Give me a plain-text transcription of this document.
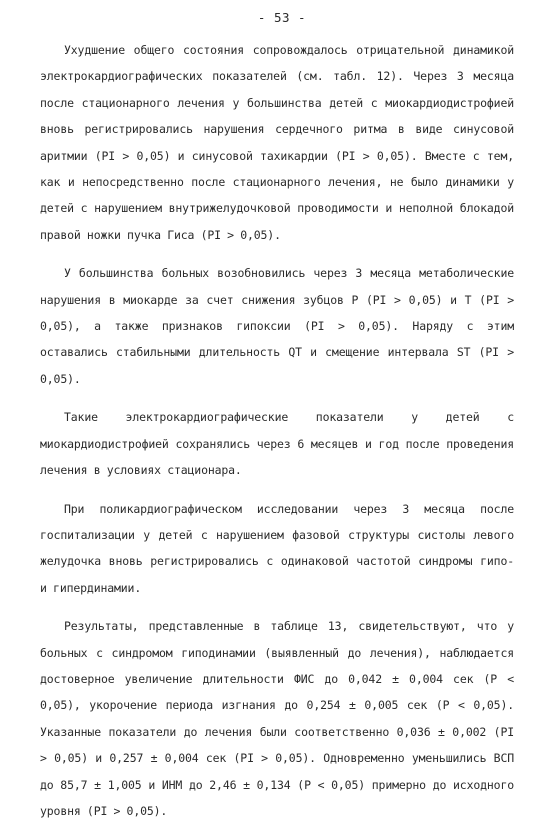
- 53 -

Ухудшение общего состояния сопровождалось отрицательной динамикой электрокардиографических показателей (см. табл. 12). Через 3 месяца после стационарного лечения у большинства детей с миокардиодистрофией вновь регистрировались нарушения сердечного ритма в виде синусовой аритмии (PI > 0,05) и синусовой тахикардии (PI > 0,05). Вместе с тем, как и непосредственно после стационарного лечения, не было динамики у детей с нарушением внутрижелудочковой проводимости и неполной блокадой правой ножки пучка Гиса (PI > 0,05).

У большинства больных возобновились через 3 месяца метаболические нарушения в миокарде за счет снижения зубцов Р (PI > 0,05) и Т (PI > 0,05), а также признаков гипоксии (PI > 0,05). Наряду с этим оставались стабильными длительность QT и смещение интервала ST (PI > 0,05).

Такие электрокардиографические показатели у детей с миокардиодистрофией сохранялись через 6 месяцев и год после проведения лечения в условиях стационара.

При поликардиографическом исследовании через 3 месяца после госпитализации у детей с нарушением фазовой структуры систолы левого желудочка вновь регистрировались с одинаковой частотой синдромы гипо- и гипердинамии.

Результаты, представленные в таблице 13, свидетельствуют, что у больных с синдромом гиподинамии (выявленный до лечения), наблюдается достоверное увеличение длительности ФИС до 0,042 ± 0,004 сек (Р < 0,05), укорочение периода изгнания до 0,254 ± 0,005 сек (Р < 0,05). Указанные показатели до лечения были соответственно 0,036 ± 0,002 (PI > 0,05) и 0,257 ± 0,004 сек (PI > 0,05). Одновременно уменьшились ВСП до 85,7 ± 1,005 и ИНМ до 2,46 ± 0,134 (Р < 0,05) примерно до исходного уровня (PI > 0,05).
